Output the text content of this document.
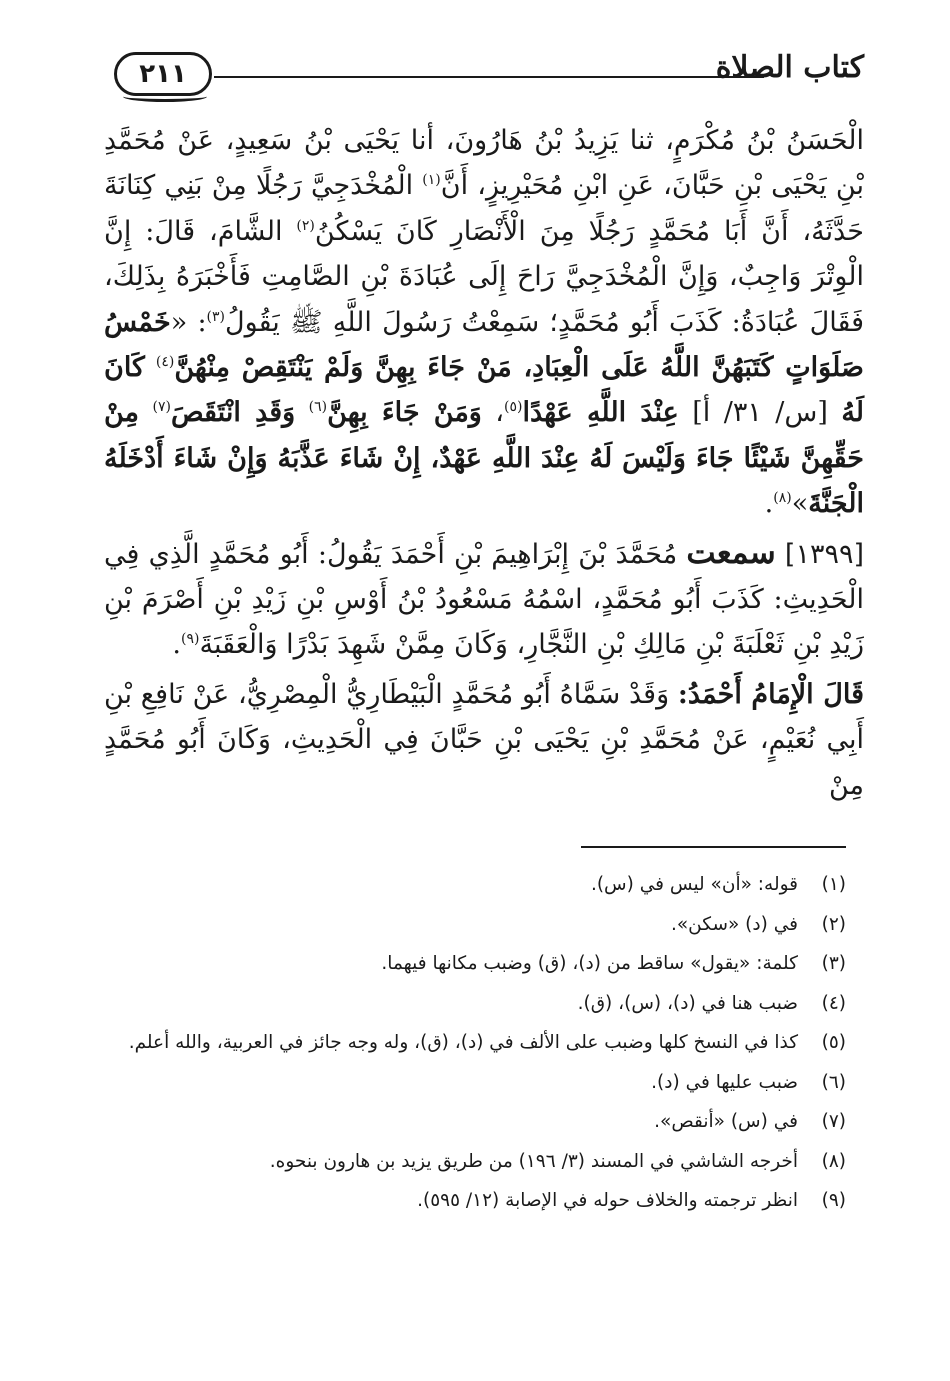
٢١١	كتاب الصلاة

الْحَسَنُ بْنُ مُكْرَمٍ، ثنا يَزِيدُ بْنُ هَارُونَ، أنا يَحْيَى بْنُ سَعِيدٍ، عَنْ مُحَمَّدِ بْنِ يَحْيَى بْنِ حَبَّانَ، عَنِ ابْنِ مُحَيْرِيزٍ، أَنَّ$^{(١)}$ الْمُخْدَجِيَّ رَجُلًا مِنْ بَنِي كِنَانَةَ حَدَّثَهُ، أَنَّ أَبَا مُحَمَّدٍ رَجُلًا مِنَ الْأَنْصَارِ كَانَ يَسْكُنُ$^{(٢)}$ الشَّامَ، قَالَ: إِنَّ الْوِتْرَ وَاجِبٌ، وَإِنَّ الْمُخْدَجِيَّ رَاحَ إِلَى عُبَادَةَ بْنِ الصَّامِتِ فَأَخْبَرَهُ بِذَلِكَ، فَقَالَ عُبَادَةُ: كَذَبَ أَبُو مُحَمَّدٍ؛ سَمِعْتُ رَسُولَ اللَّهِ ﷺ يَقُولُ$^{(٣)}$: «خَمْسُ صَلَوَاتٍ كَتَبَهُنَّ اللَّهُ عَلَى الْعِبَادِ، مَنْ جَاءَ بِهِنَّ وَلَمْ يَنْتَقِصْ مِنْهُنَّ$^{(٤)}$ كَانَ لَهُ [س/ ٣١/ أ] عِنْدَ اللَّهِ عَهْدًا$^{(٥)}$، وَمَنْ جَاءَ بِهِنَّ$^{(٦)}$ وَقَدِ انْتَقَصَ$^{(٧)}$ مِنْ حَقِّهِنَّ شَيْئًا جَاءَ وَلَيْسَ لَهُ عِنْدَ اللَّهِ عَهْدٌ، إِنْ شَاءَ عَذَّبَهُ وَإِنْ شَاءَ أَدْخَلَهُ الْجَنَّةَ»$^{(٨)}$.

[١٣٩٩] سمعت مُحَمَّدَ بْنَ إِبْرَاهِيمَ بْنِ أَحْمَدَ يَقُولُ: أَبُو مُحَمَّدٍ الَّذِي فِي الْحَدِيثِ: كَذَبَ أَبُو مُحَمَّدٍ، اسْمُهُ مَسْعُودُ بْنُ أَوْسِ بْنِ زَيْدِ بْنِ أَصْرَمَ بْنِ زَيْدِ بْنِ ثَعْلَبَةَ بْنِ مَالِكِ بْنِ النَّجَّارِ، وَكَانَ مِمَّنْ شَهِدَ بَدْرًا وَالْعَقَبَةَ$^{(٩)}$.

قَالَ الْإِمَامُ أَحْمَدُ: وَقَدْ سَمَّاهُ أَبُو مُحَمَّدٍ الْبَيْطَارِيُّ الْمِصْرِيُّ، عَنْ نَافِعِ بْنِ أَبِي نُعَيْمٍ، عَنْ مُحَمَّدِ بْنِ يَحْيَى بْنِ حَبَّانَ فِي الْحَدِيثِ، وَكَانَ أَبُو مُحَمَّدٍ مِنْ

(١)
قوله: «أن» ليس في (س).
(٢)
في (د) «سكن».
(٣)
كلمة: «يقول» ساقط من (د)، (ق) وضبب مكانها فيهما.
(٤)
ضبب هنا في (د)، (س)، (ق).
(٥)
كذا في النسخ كلها وضبب على الألف في (د)، (ق)، وله وجه جائز في العربية، والله أعلم.
(٦)
ضبب عليها في (د).
(٧)
في (س) «أنقص».
(٨)
أخرجه الشاشي في المسند (٣/ ١٩٦) من طريق يزيد بن هارون بنحوه.
(٩)
انظر ترجمته والخلاف حوله في الإصابة (١٢/ ٥٩٥).
